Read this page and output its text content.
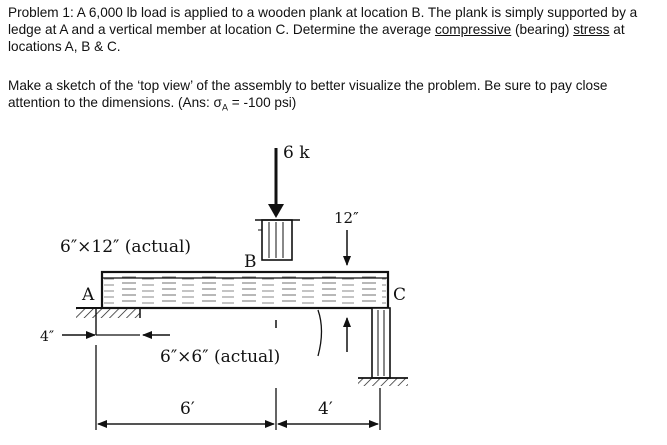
Problem 1: A 6,000 lb load is applied to a wooden plank at location B. The plank is simply supported by a ledge at A and a vertical member at location C. Determine the average compressive (bearing) stress at locations A, B & C.
Make a sketch of the ‘top view’ of the assembly to better visualize the problem. Be sure to pay close attention to the dimensions. (Ans: $\sigma_A = -100$ psi)
6 k
B
12″
6″×12″ (actual)
A
4″
C
6″×6″ (actual)
6′	4′
